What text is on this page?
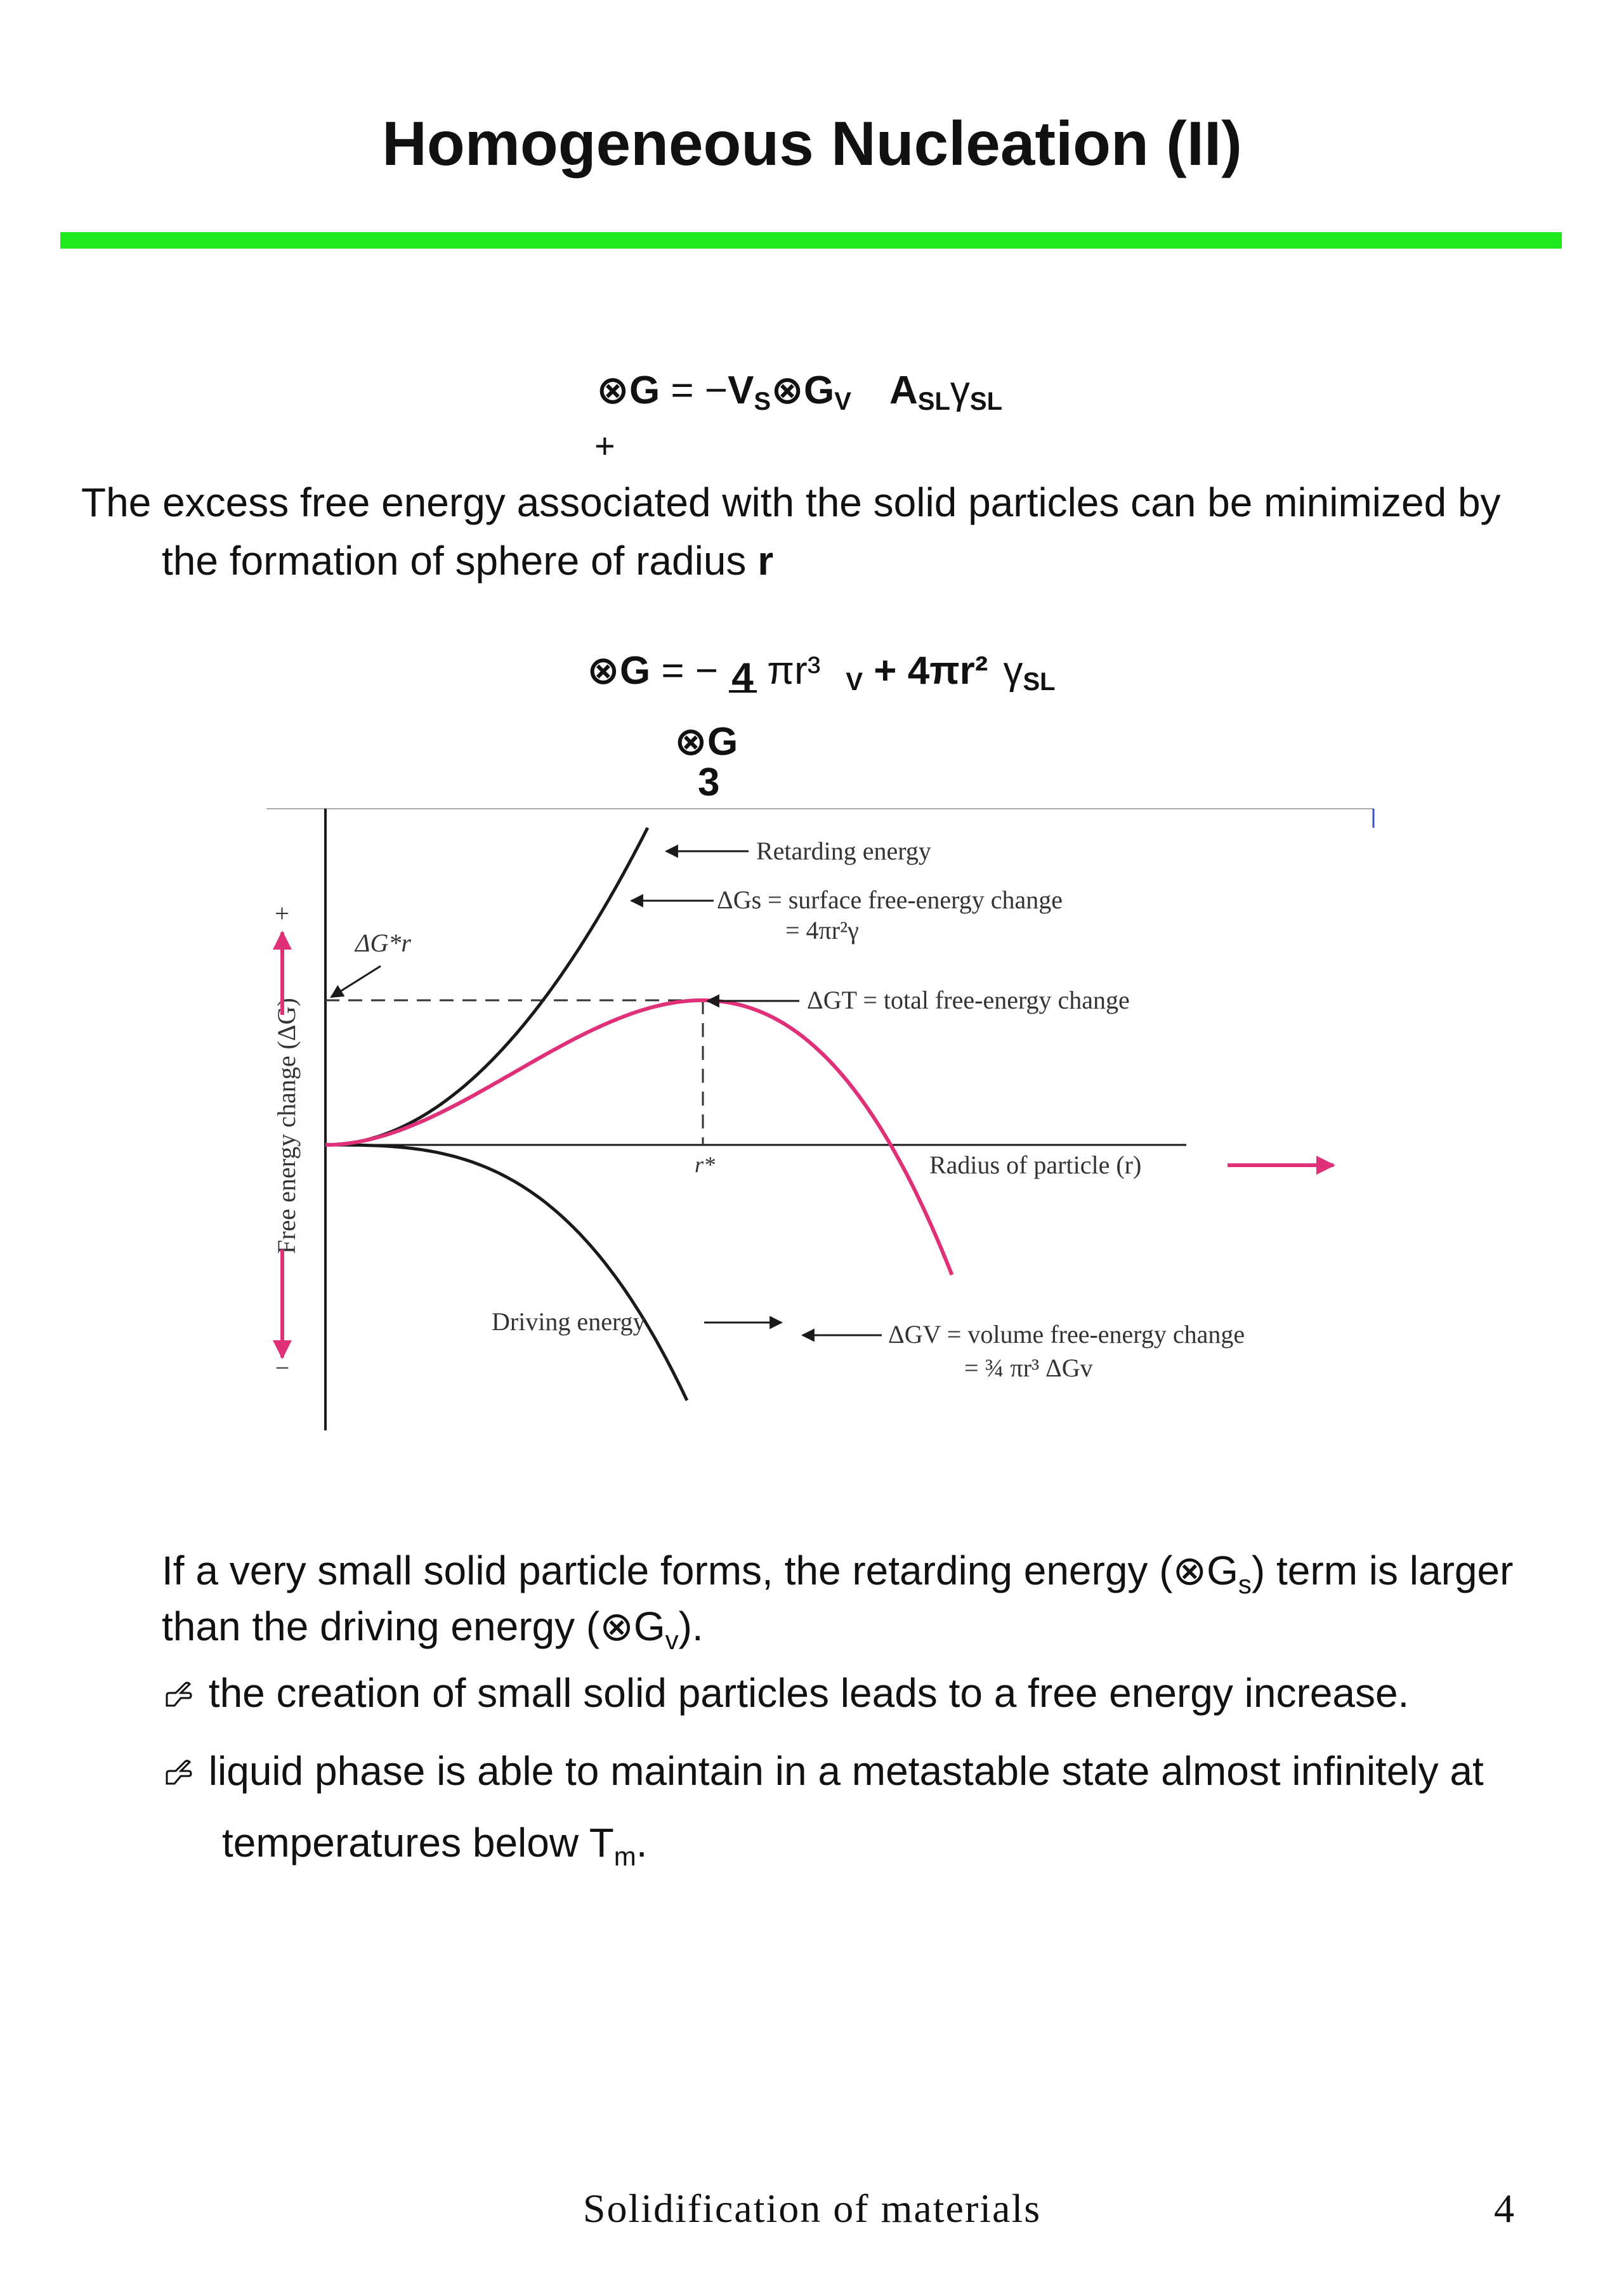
Homogeneous Nucleation (II)
⊗G = $-V_S\otimes G_V$ $A_{SL}\gamma_{SL}$
+
The excess free energy associated with the solid particles can be minimized by
the formation of sphere of radius r
⊗G = − 4 πr³ $_V$ + 4πr² $\gamma_{SL}$
⊗G
3
Free energy change (ΔG)
+
−
ΔG*r
r*
Retarding energy
ΔGs = surface free-energy change
= 4πr²γ
ΔGT = total free-energy change
Radius of particle (r)
Driving energy	ΔGV = volume free-energy change
= ¾ πr³ ΔGv
If a very small solid particle forms, the retarding energy $(\otimes G_s)$ term is larger
than the driving energy $(\otimes G_v)$.
the creation of small solid particles leads to a free energy increase.
liquid phase is able to maintain in a metastable state almost infinitely at
temperatures below $T_m$.
Solidification of materials	4
